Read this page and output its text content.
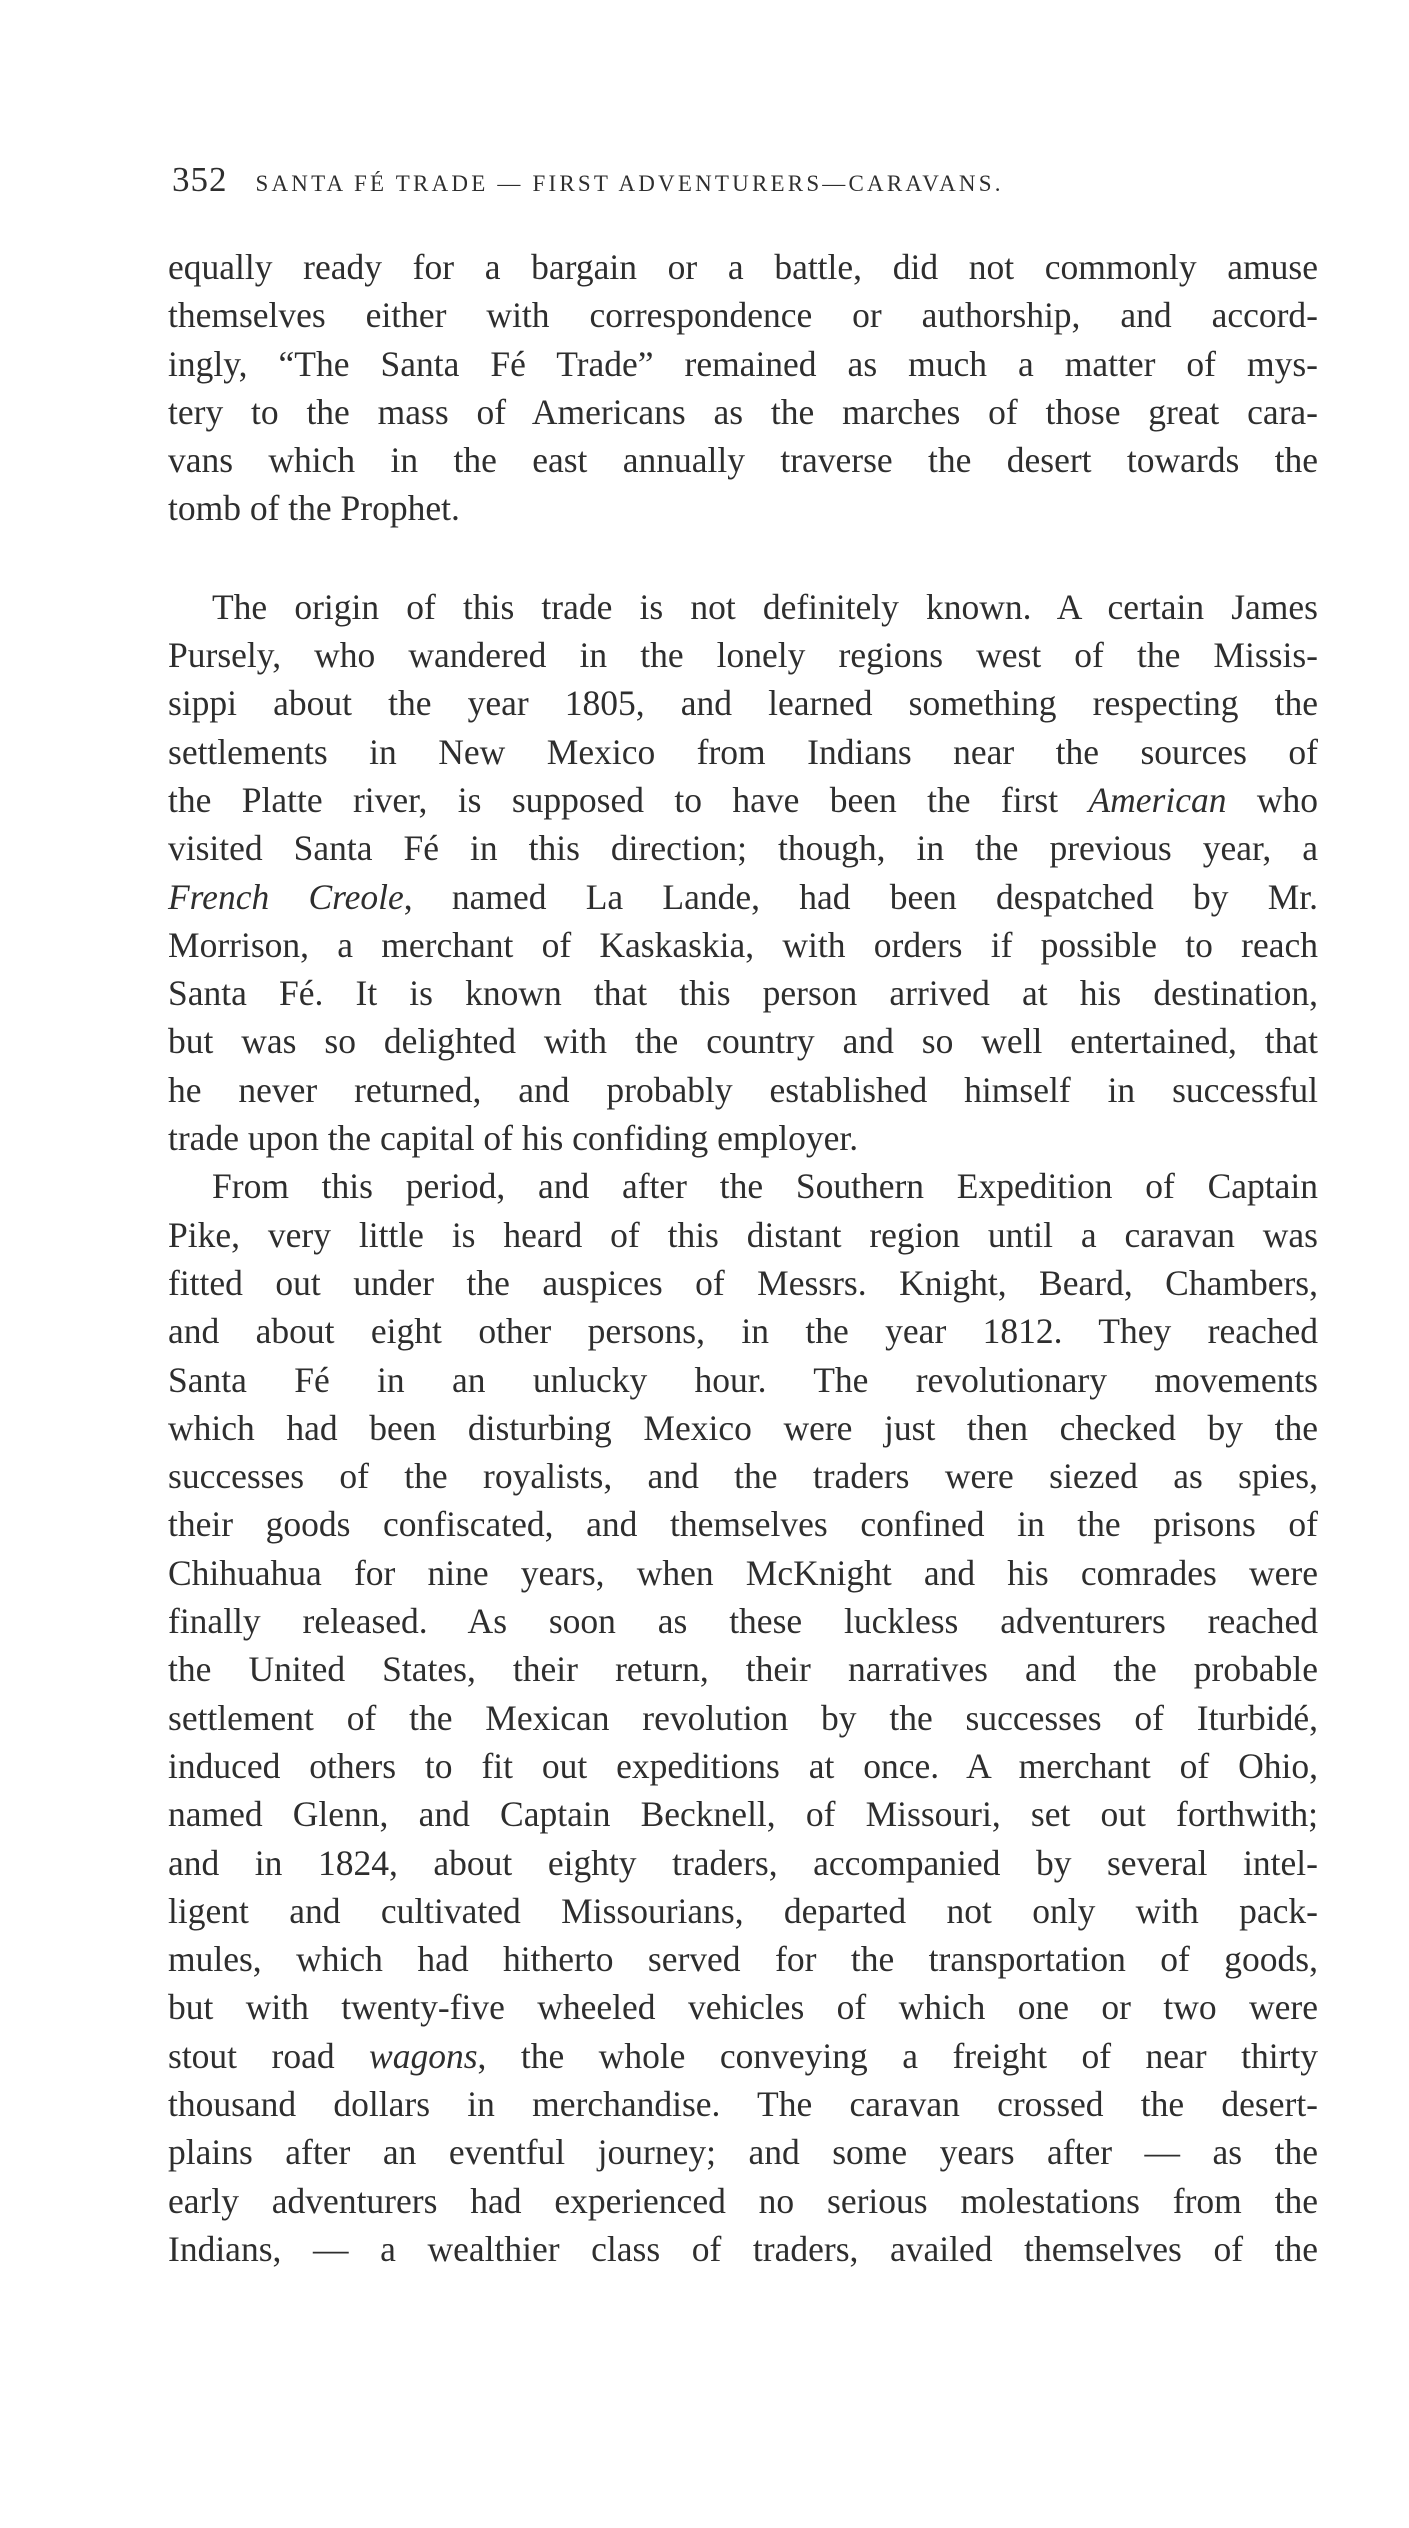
352 SANTA FÉ TRADE — FIRST ADVENTURERS—CARAVANS.
equally ready for a bargain or a battle, did not commonly amuse
themselves either with correspondence or authorship, and accord-
ingly, “The Santa Fé Trade” remained as much a matter of mys-
tery to the mass of Americans as the marches of those great cara-
vans which in the east annually traverse the desert towards the
tomb of the Prophet.
The origin of this trade is not definitely known. A certain James
Pursely, who wandered in the lonely regions west of the Missis-
sippi about the year 1805, and learned something respecting the
settlements in New Mexico from Indians near the sources of
the Platte river, is supposed to have been the first American who
visited Santa Fé in this direction; though, in the previous year, a
French Creole, named La Lande, had been despatched by Mr.
Morrison, a merchant of Kaskaskia, with orders if possible to reach
Santa Fé. It is known that this person arrived at his destination,
but was so delighted with the country and so well entertained, that
he never returned, and probably established himself in successful
trade upon the capital of his confiding employer.
From this period, and after the Southern Expedition of Captain
Pike, very little is heard of this distant region until a caravan was
fitted out under the auspices of Messrs. Knight, Beard, Chambers,
and about eight other persons, in the year 1812. They reached
Santa Fé in an unlucky hour. The revolutionary movements
which had been disturbing Mexico were just then checked by the
successes of the royalists, and the traders were siezed as spies,
their goods confiscated, and themselves confined in the prisons of
Chihuahua for nine years, when McKnight and his comrades were
finally released. As soon as these luckless adventurers reached
the United States, their return, their narratives and the probable
settlement of the Mexican revolution by the successes of Iturbidé,
induced others to fit out expeditions at once. A merchant of Ohio,
named Glenn, and Captain Becknell, of Missouri, set out forthwith;
and in 1824, about eighty traders, accompanied by several intel-
ligent and cultivated Missourians, departed not only with pack-
mules, which had hitherto served for the transportation of goods,
but with twenty-five wheeled vehicles of which one or two were
stout road wagons, the whole conveying a freight of near thirty
thousand dollars in merchandise. The caravan crossed the desert-
plains after an eventful journey; and some years after — as the
early adventurers had experienced no serious molestations from the
Indians, — a wealthier class of traders, availed themselves of the
